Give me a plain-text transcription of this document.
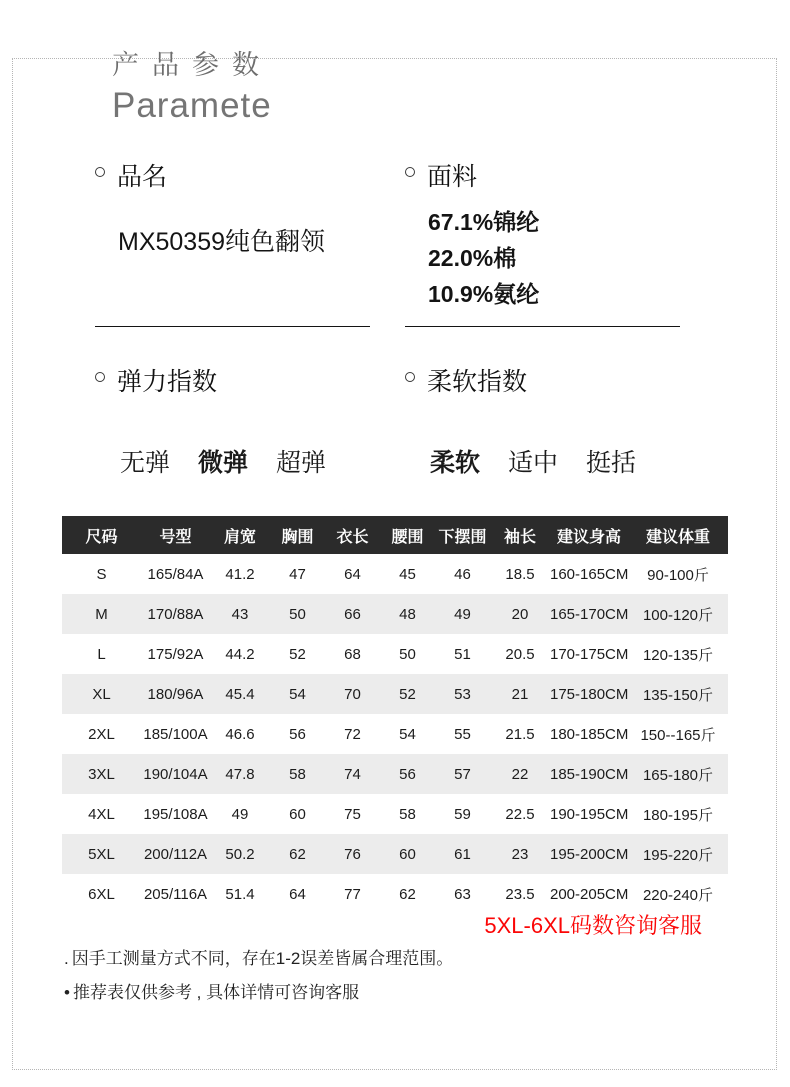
产品参数
Paramete
品名
MX50359纯色翻领
面料
67.1%锦纶
22.0%棉
10.9%氨纶
弹力指数
无弹 微弹 超弹
柔软指数
柔软 适中 挺括
尺码	号型	肩宽	胸围	衣长	腰围	下摆围	袖长	建议身高	建议体重
S	165/84A	41.2	47	64	45	46	18.5	160-165CM	90-100斤
M	170/88A	43	50	66	48	49	20	165-170CM	100-120斤
L	175/92A	44.2	52	68	50	51	20.5	170-175CM	120-135斤
XL	180/96A	45.4	54	70	52	53	21	175-180CM	135-150斤
2XL	185/100A	46.6	56	72	54	55	21.5	180-185CM	150--165斤
3XL	190/104A	47.8	58	74	56	57	22	185-190CM	165-180斤
4XL	195/108A	49	60	75	58	59	22.5	190-195CM	180-195斤
5XL	200/112A	50.2	62	76	60	61	23	195-200CM	195-220斤
6XL	205/116A	51.4	64	77	62	63	23.5	200-205CM	220-240斤
5XL-6XL码数咨询客服
. 因手工测量方式不同，存在1-2误差皆属合理范围。
• 推荐表仅供参考 , 具体详情可咨询客服
